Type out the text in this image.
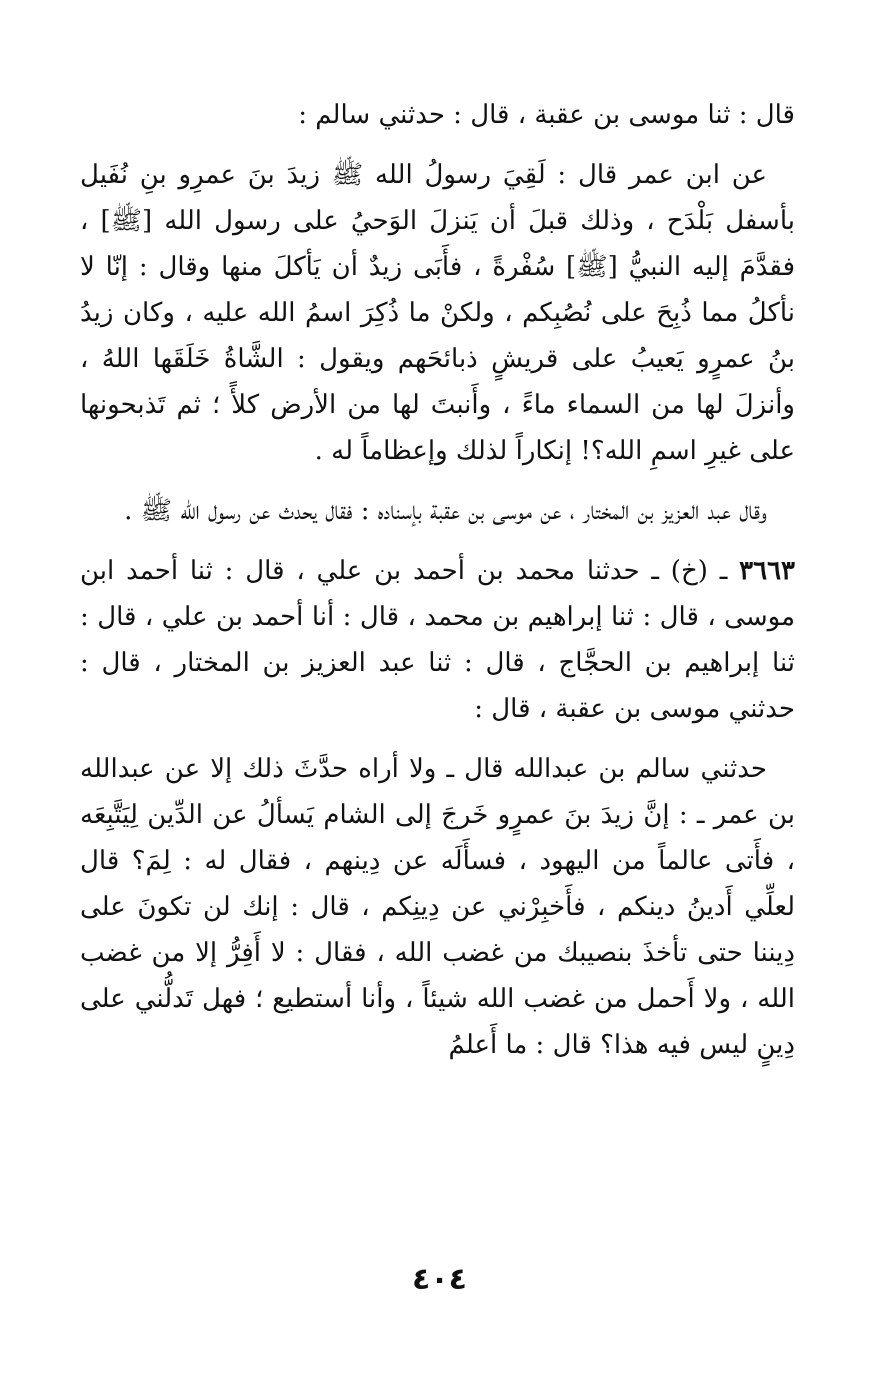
قال : ثنا موسى بن عقبة ، قال : حدثني سالم :

عن ابن عمر قال : لَقِيَ رسولُ الله ﷺ زيدَ بنَ عمرِو بنِ نُفَيل بأسفل بَلْدَح ، وذلك قبلَ أن يَنزلَ الوَحيُ على رسول الله [ﷺ] ، فقدَّمَ إليه النبيُّ [ﷺ] سُفْرةً ، فأَبَى زيدٌ أن يَأكلَ منها وقال : إنّا لا نأكلُ مما ذُبِحَ على نُصُبِكم ، ولكنْ ما ذُكِرَ اسمُ الله عليه ، وكان زيدُ بنُ عمرٍو يَعيبُ على قريشٍ ذبائحَهم ويقول : الشَّاةُ خَلَقَها اللهُ ، وأنزلَ لها من السماء ماءً ، وأَنبتَ لها من الأرض كلأً ؛ ثم تَذبحونها على غيرِ اسمِ الله؟! إنكاراً لذلك وإعظاماً له .

وقال عبد العزيز بن المختار ، عن موسى بن عقبة بإسناده : فقال يحدث عن رسول الله ﷺ .

٣٦٦٣ ـ (خ) ـ حدثنا محمد بن أحمد بن علي ، قال : ثنا أحمد ابن موسى ، قال : ثنا إبراهيم بن محمد ، قال : أنا أحمد بن علي ، قال : ثنا إبراهيم بن الحجَّاج ، قال : ثنا عبد العزيز بن المختار ، قال : حدثني موسى بن عقبة ، قال :

حدثني سالم بن عبدالله قال ـ ولا أراه حدَّثَ ذلك إلا عن عبدالله بن عمر ـ : إنَّ زيدَ بنَ عمرٍو خَرجَ إلى الشام يَسألُ عن الدِّين لِيَتَّبِعَه ، فأَتى عالماً من اليهود ، فسأَلَه عن دِينهم ، فقال له : لِمَ؟ قال لعلِّي أَدينُ دينكم ، فأَخبِرْني عن دِينِكم ، قال : إنك لن تكونَ على دِيننا حتى تأخذَ بنصيبك من غضب الله ، فقال : لا أَفِرُّ إلا من غضب الله ، ولا أَحمل من غضب الله شيئاً ، وأنا أستطيع ؛ فهل تَدلُّني على دِينٍ ليس فيه هذا؟ قال : ما أَعلمُ

٤٠٤
